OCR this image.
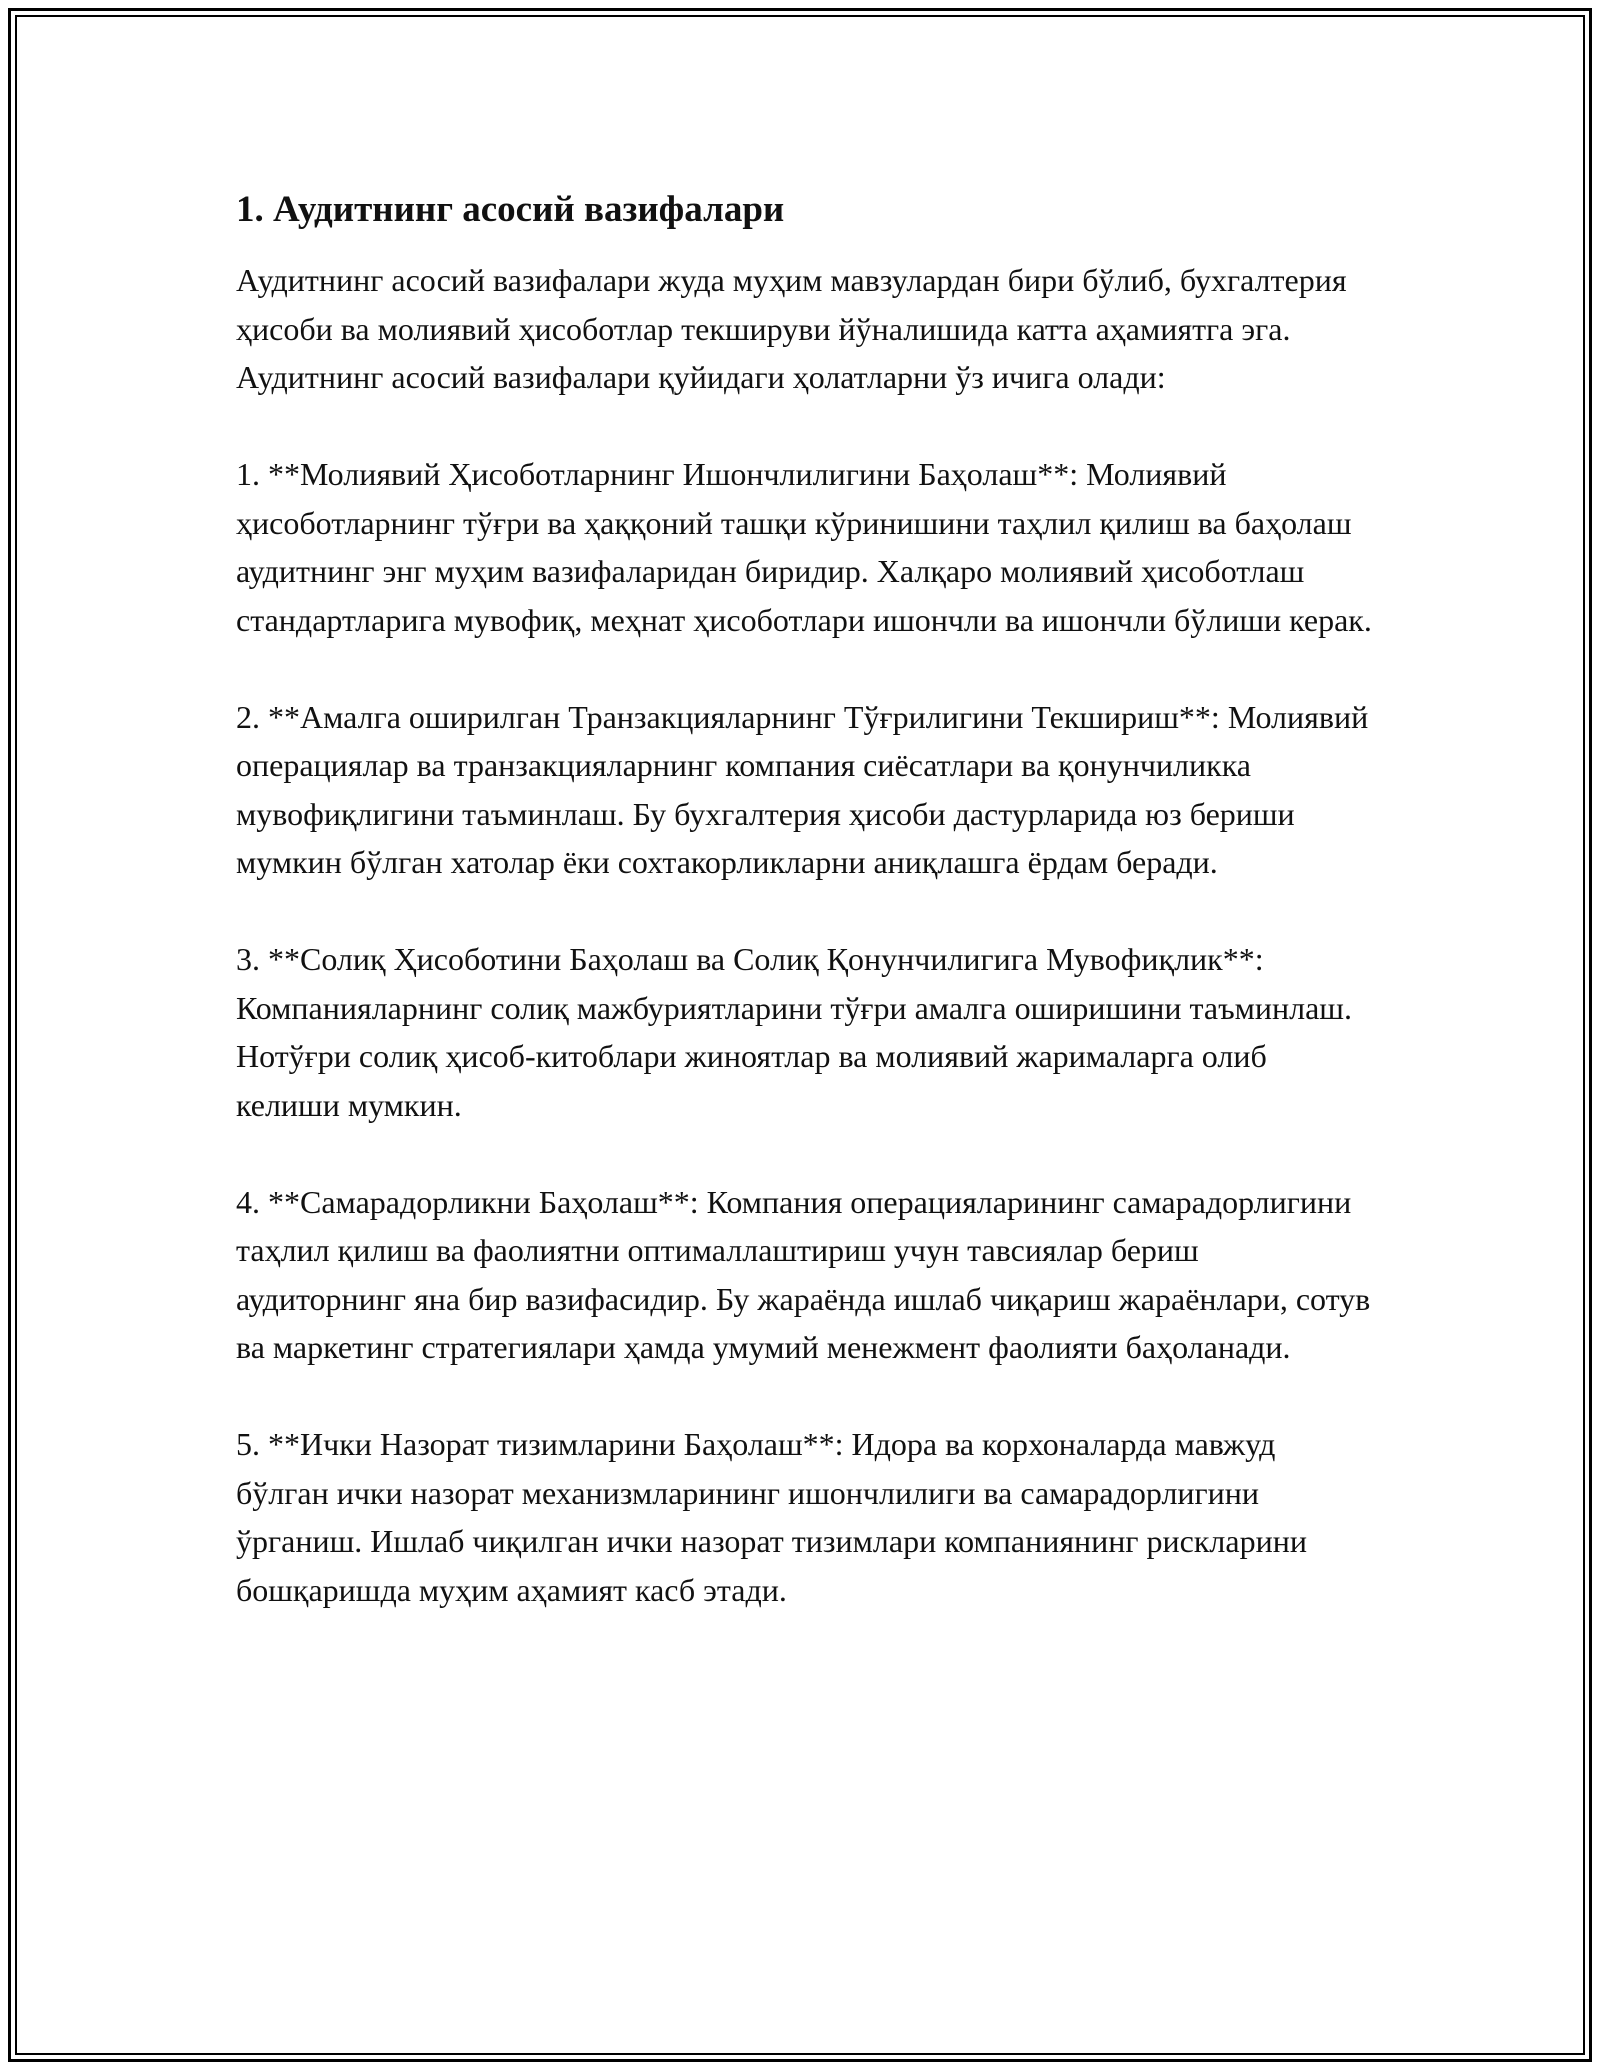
1. Аудитнинг асосий вазифалари

Аудитнинг асосий вазифалари жуда муҳим мавзулардан бири бўлиб, бухгалтерия ҳисоби ва молиявий ҳисоботлар текшируви йўналишида катта аҳамиятга эга. Аудитнинг асосий вазифалари қуйидаги ҳолатларни ўз ичига олади:

1. **Молиявий Ҳисоботларнинг Ишончлилигини Баҳолаш**: Молиявий ҳисоботларнинг тўғри ва ҳаққоний ташқи кўринишини таҳлил қилиш ва баҳолаш аудитнинг энг муҳим вазифаларидан биридир. Халқаро молиявий ҳисоботлаш стандартларига мувофиқ, меҳнат ҳисоботлари ишончли ва ишончли бўлиши керак.

2. **Амалга оширилган Транзакцияларнинг Тўғрилигини Текшириш**: Молиявий операциялар ва транзакцияларнинг компания сиёсатлари ва қонунчиликка мувофиқлигини таъминлаш. Бу бухгалтерия ҳисоби дастурларида юз бериши мумкин бўлган хатолар ёки сохтакорликларни аниқлашга ёрдам беради.

3. **Солиқ Ҳисоботини Баҳолаш ва Солиқ Қонунчилигига Мувофиқлик**: Компанияларнинг солиқ мажбуриятларини тўғри амалга оширишини таъминлаш. Нотўғри солиқ ҳисоб-китоблари жиноятлар ва молиявий жарималарга олиб келиши мумкин.

4. **Самарадорликни Баҳолаш**: Компания операцияларининг самарадорлигини таҳлил қилиш ва фаолиятни оптималлаштириш учун тавсиялар бериш аудиторнинг яна бир вазифасидир. Бу жараёнда ишлаб чиқариш жараёнлари, сотув ва маркетинг стратегиялари ҳамда умумий менежмент фаолияти баҳоланади.

5. **Ички Назорат тизимларини Баҳолаш**: Идора ва корхоналарда мавжуд бўлган ички назорат механизмларининг ишончлилиги ва самарадорлигини ўрганиш. Ишлаб чиқилган ички назорат тизимлари компаниянинг рискларини бошқаришда муҳим аҳамият касб этади.
